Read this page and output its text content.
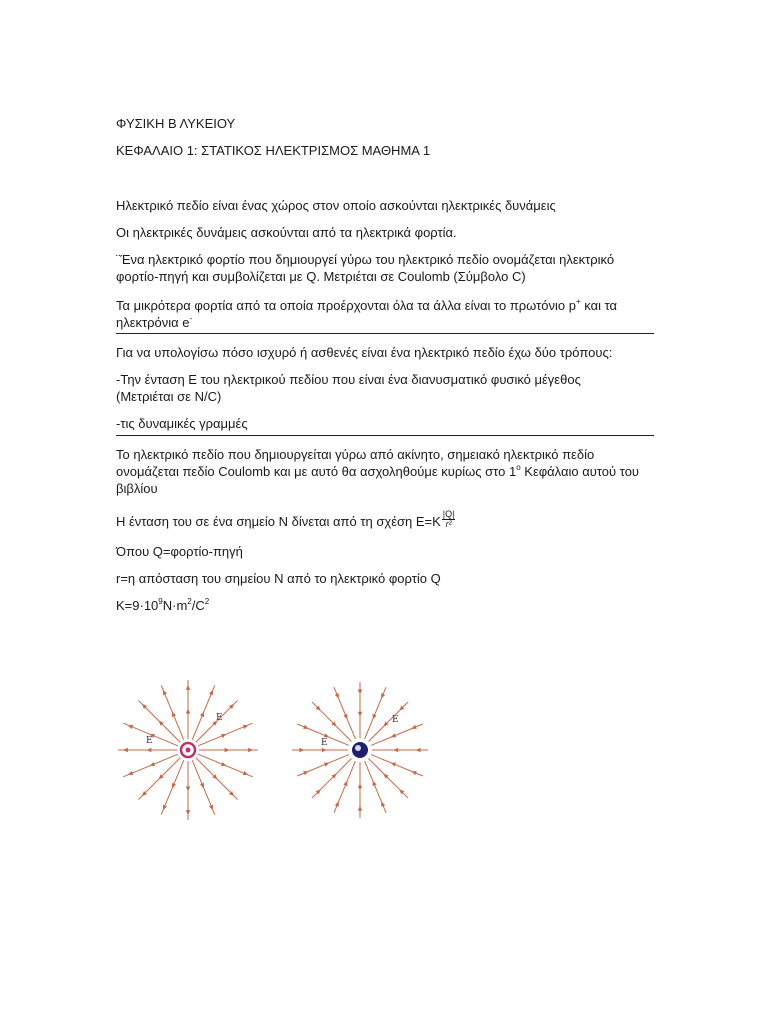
ΦΥΣΙΚΗ Β ΛΥΚΕΙΟΥ
ΚΕΦΑΛΑΙΟ 1: ΣΤΑΤΙΚΟΣ ΗΛΕΚΤΡΙΣΜΟΣ ΜΑΘΗΜΑ 1
Ηλεκτρικό πεδίο είναι ένας χώρος στον οποίο ασκούνται ηλεκτρικές δυνάμεις
Οι ηλεκτρικές δυνάμεις ασκούνται από τα ηλεκτρικά φορτία.
¨Ένα ηλεκτρικό φορτίο που δημιουργεί γύρω του ηλεκτρικό πεδίο ονομάζεται ηλεκτρικό
φορτίο-πηγή και συμβολίζεται με Q. Μετριέται σε Coulomb (Σύμβολο C)
Τα μικρότερα φορτία από τα οποία προέρχονται όλα τα άλλα είναι το πρωτόνιο p+ και τα
ηλεκτρόνια e-
Για να υπολογίσω πόσο ισχυρό ή ασθενές είναι ένα ηλεκτρικό πεδίο έχω δύο τρόπους:
-Την ένταση Ε του ηλεκτρικού πεδίου που είναι ένα διανυσματικό φυσικό μέγεθος
(Μετριέται σε N/C)
-τις δυναμικές γραμμές
Το ηλεκτρικό πεδίο που δημιουργείται γύρω από ακίνητο, σημειακό ηλεκτρικό πεδίο
ονομάζεται πεδίο Coulomb και με αυτό θα ασχοληθούμε κυρίως στο $1^o$ Κεφάλαιο αυτού του
βιβλίου
Η ένταση του σε ένα σημείο Ν δίνεται από τη σχέση $E=K \frac{|Q|}{\text{r²}}$
Όπου Q=φορτίο-πηγή
r=η απόσταση του σημείου Ν από το ηλεκτρικό φορτίο Q
$K=9\cdot 10^9N\cdot m^2/C^2$
E
E
E
E
